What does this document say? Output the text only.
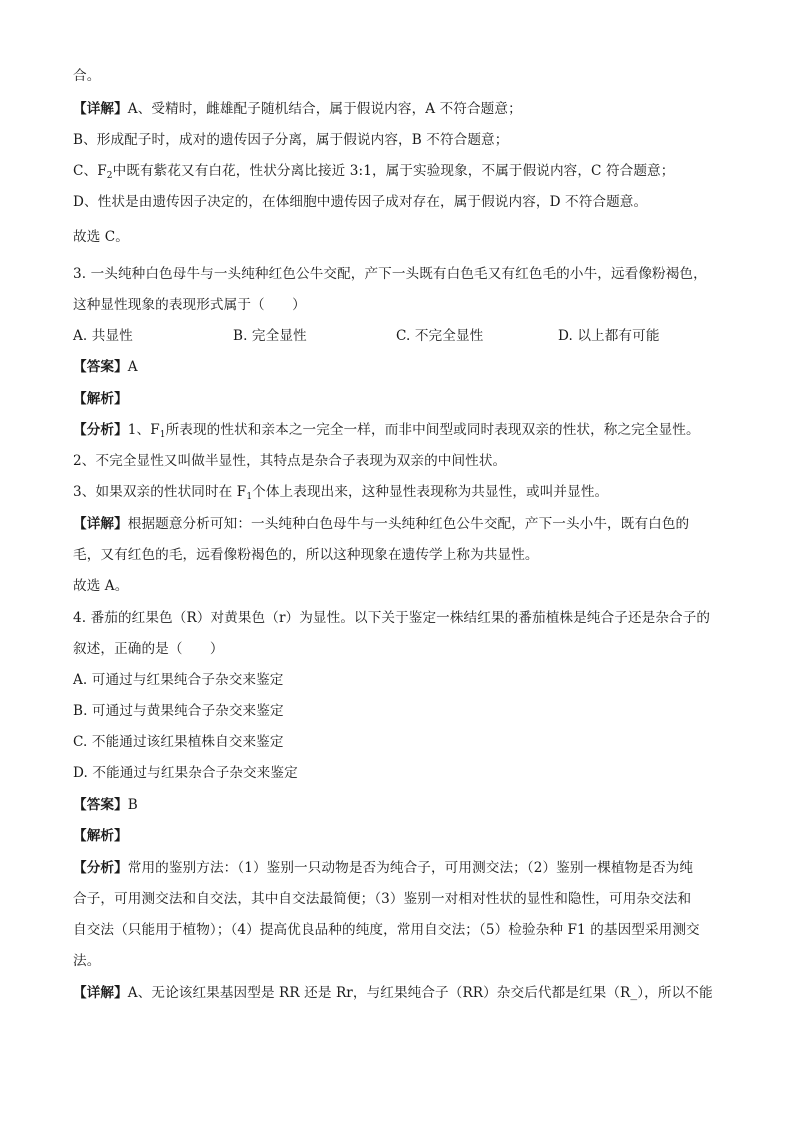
合。
【详解】A、受精时，雌雄配子随机结合，属于假说内容，A 不符合题意；
B、形成配子时，成对的遗传因子分离，属于假说内容，B 不符合题意；
C、$F_2$中既有紫花又有白花，性状分离比接近 3:1，属于实验现象，不属于假说内容，C 符合题意；
D、性状是由遗传因子决定的，在体细胞中遗传因子成对存在，属于假说内容，D 不符合题意。
故选 C。
3. 一头纯种白色母牛与一头纯种红色公牛交配，产下一头既有白色毛又有红色毛的小牛，远看像粉褐色，
这种显性现象的表现形式属于（　　）
A. 共显性	B. 完全显性	C. 不完全显性	D. 以上都有可能
【答案】A
【解析】
【分析】1、$F_1$所表现的性状和亲本之一完全一样，而非中间型或同时表现双亲的性状，称之完全显性。
2、不完全显性又叫做半显性，其特点是杂合子表现为双亲的中间性状。
3、如果双亲的性状同时在 $F_1$个体上表现出来，这种显性表现称为共显性，或叫并显性。
【详解】根据题意分析可知：一头纯种白色母牛与一头纯种红色公牛交配，产下一头小牛，既有白色的
毛，又有红色的毛，远看像粉褐色的，所以这种现象在遗传学上称为共显性。
故选 A。
4. 番茄的红果色（R）对黄果色（r）为显性。以下关于鉴定一株结红果的番茄植株是纯合子还是杂合子的
叙述，正确的是（　　）
A. 可通过与红果纯合子杂交来鉴定
B. 可通过与黄果纯合子杂交来鉴定
C. 不能通过该红果植株自交来鉴定
D. 不能通过与红果杂合子杂交来鉴定
【答案】B
【解析】
【分析】常用的鉴别方法：（1）鉴别一只动物是否为纯合子，可用测交法；（2）鉴别一棵植物是否为纯
合子，可用测交法和自交法，其中自交法最简便；（3）鉴别一对相对性状的显性和隐性，可用杂交法和
自交法（只能用于植物）；（4）提高优良品种的纯度，常用自交法；（5）检验杂种 F1 的基因型采用测交
法。
【详解】A、无论该红果基因型是 RR 还是 Rr，与红果纯合子（RR）杂交后代都是红果（R_），所以不能
